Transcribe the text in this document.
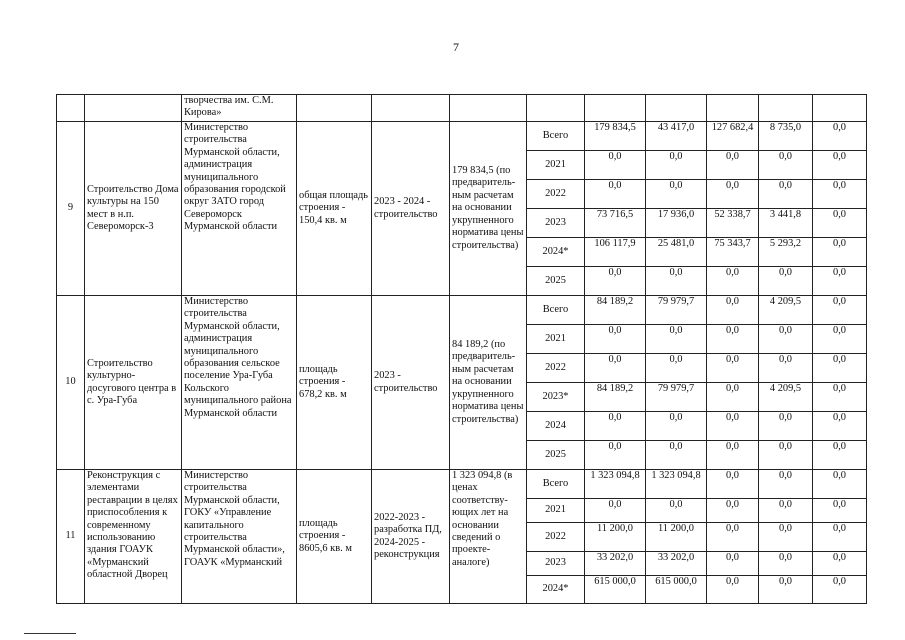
7
		творчества им. С.М. Кирова»									
9	Строительство Дома культуры на 150 мест в н.п. Североморск-3	Министерство строительства Мурманской области, администрация муниципального образования городской округ ЗАТО город Североморск Мурманской области	общая площадь строения - 150,4 кв. м	2023 - 2024 - строительство	179 834,5 (по предваритель-ным расчетам на основании укрупненного норматива цены строительства)	Всего	179 834,5	43 417,0	127 682,4	8 735,0	0,0
						2021	0,0	0,0	0,0	0,0	0,0
						2022	0,0	0,0	0,0	0,0	0,0
						2023	73 716,5	17 936,0	52 338,7	3 441,8	0,0
						2024*	106 117,9	25 481,0	75 343,7	5 293,2	0,0
						2025	0,0	0,0	0,0	0,0	0,0
10	Строительство культурно-досугового центра в с. Ура-Губа	Министерство строительства Мурманской области, администрация муниципального образования сельское поселение Ура-Губа Кольского муниципального района Мурманской области	площадь строения - 678,2 кв. м	2023 - строительство	84 189,2 (по предваритель-ным расчетам на основании укрупненного норматива цены строительства)	Всего	84 189,2	79 979,7	0,0	4 209,5	0,0
						2021	0,0	0,0	0,0	0,0	0,0
						2022	0,0	0,0	0,0	0,0	0,0
						2023*	84 189,2	79 979,7	0,0	4 209,5	0,0
						2024	0,0	0,0	0,0	0,0	0,0
						2025	0,0	0,0	0,0	0,0	0,0
11	Реконструкция с элементами реставрации в целях приспособления к современному использованию здания ГОАУК «Мурманский областной Дворец	Министерство строительства Мурманской области, ГОКУ «Управление капитального строительства Мурманской области», ГОАУК «Мурманский	площадь строения - 8605,6 кв. м	2022-2023 - разработка ПД, 2024-2025 - реконструкция	1 323 094,8 (в ценах соответству-ющих лет на основании сведений о проекте-аналоге)	Всего	1 323 094,8	1 323 094,8	0,0	0,0	0,0
						2021	0,0	0,0	0,0	0,0	0,0
						2022	11 200,0	11 200,0	0,0	0,0	0,0
						2023	33 202,0	33 202,0	0,0	0,0	0,0
						2024*	615 000,0	615 000,0	0,0	0,0	0,0
